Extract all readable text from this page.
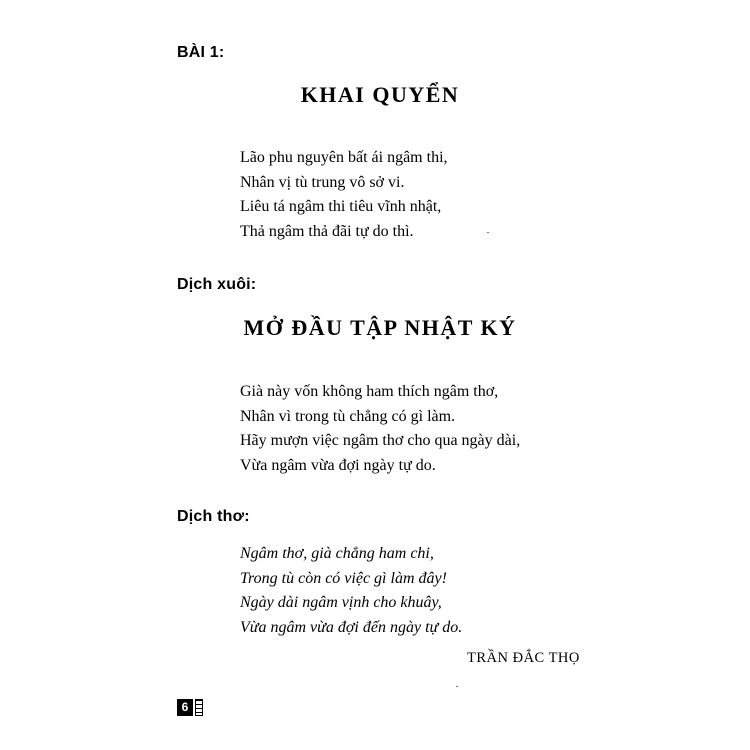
BÀI 1:
KHAI QUYỂN
Lão phu nguyên bất ái ngâm thi,
Nhân vị tù trung vô sở vi.
Liêu tá ngâm thi tiêu vĩnh nhật,
Thả ngâm thả đãi tự do thì.
Dịch xuôi:
MỞ ĐẦU TẬP NHẬT KÝ
Già này vốn không ham thích ngâm thơ,
Nhân vì trong tù chẳng có gì làm.
Hãy mượn việc ngâm thơ cho qua ngày dài,
Vừa ngâm vừa đợi ngày tự do.
Dịch thơ:
Ngâm thơ, già chẳng ham chi,
Trong tù còn có việc gì làm đây!
Ngày dài ngâm vịnh cho khuây,
Vừa ngâm vừa đợi đến ngày tự do.
TRẦN ĐẮC THỌ
6
